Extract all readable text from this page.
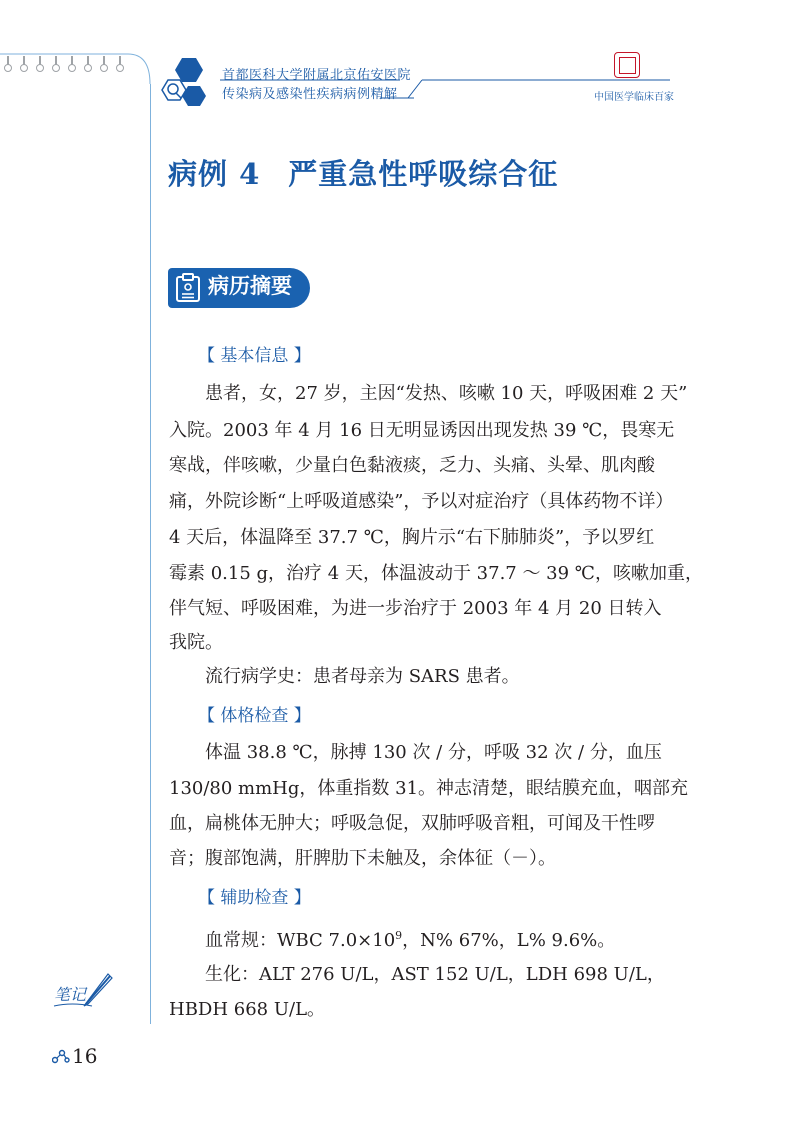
首都医科大学附属北京佑安医院
传染病及感染性疾病病例精解	中国医学临床百家
病例 4 严重急性呼吸综合征
病历摘要
【 基本信息 】
患者，女，27 岁，主因“发热、咳嗽 10 天，呼吸困难 2 天”
入院。2003 年 4 月 16 日无明显诱因出现发热 39 ℃，畏寒无
寒战，伴咳嗽，少量白色黏液痰，乏力、头痛、头晕、肌肉酸
痛，外院诊断“上呼吸道感染”，予以对症治疗（具体药物不详）
4 天后，体温降至 37.7 ℃，胸片示“右下肺肺炎”，予以罗红
霉素 0.15 g，治疗 4 天，体温波动于 37.7 ～ 39 ℃，咳嗽加重，
伴气短、呼吸困难，为进一步治疗于 2003 年 4 月 20 日转入
我院。
流行病学史：患者母亲为 SARS 患者。
【 体格检查 】
体温 38.8 ℃，脉搏 130 次 / 分，呼吸 32 次 / 分，血压
130/80 mmHg，体重指数 31。神志清楚，眼结膜充血，咽部充
血，扁桃体无肿大；呼吸急促，双肺呼吸音粗，可闻及干性啰
音；腹部饱满，肝脾肋下未触及，余体征（－）。
【 辅助检查 】
血常规：WBC $7.0\times 10^9$，N% 67%，L% 9.6%。
生化：ALT 276 U/L，AST 152 U/L，LDH 698 U/L，
HBDH 668 U/L。
笔记
16
